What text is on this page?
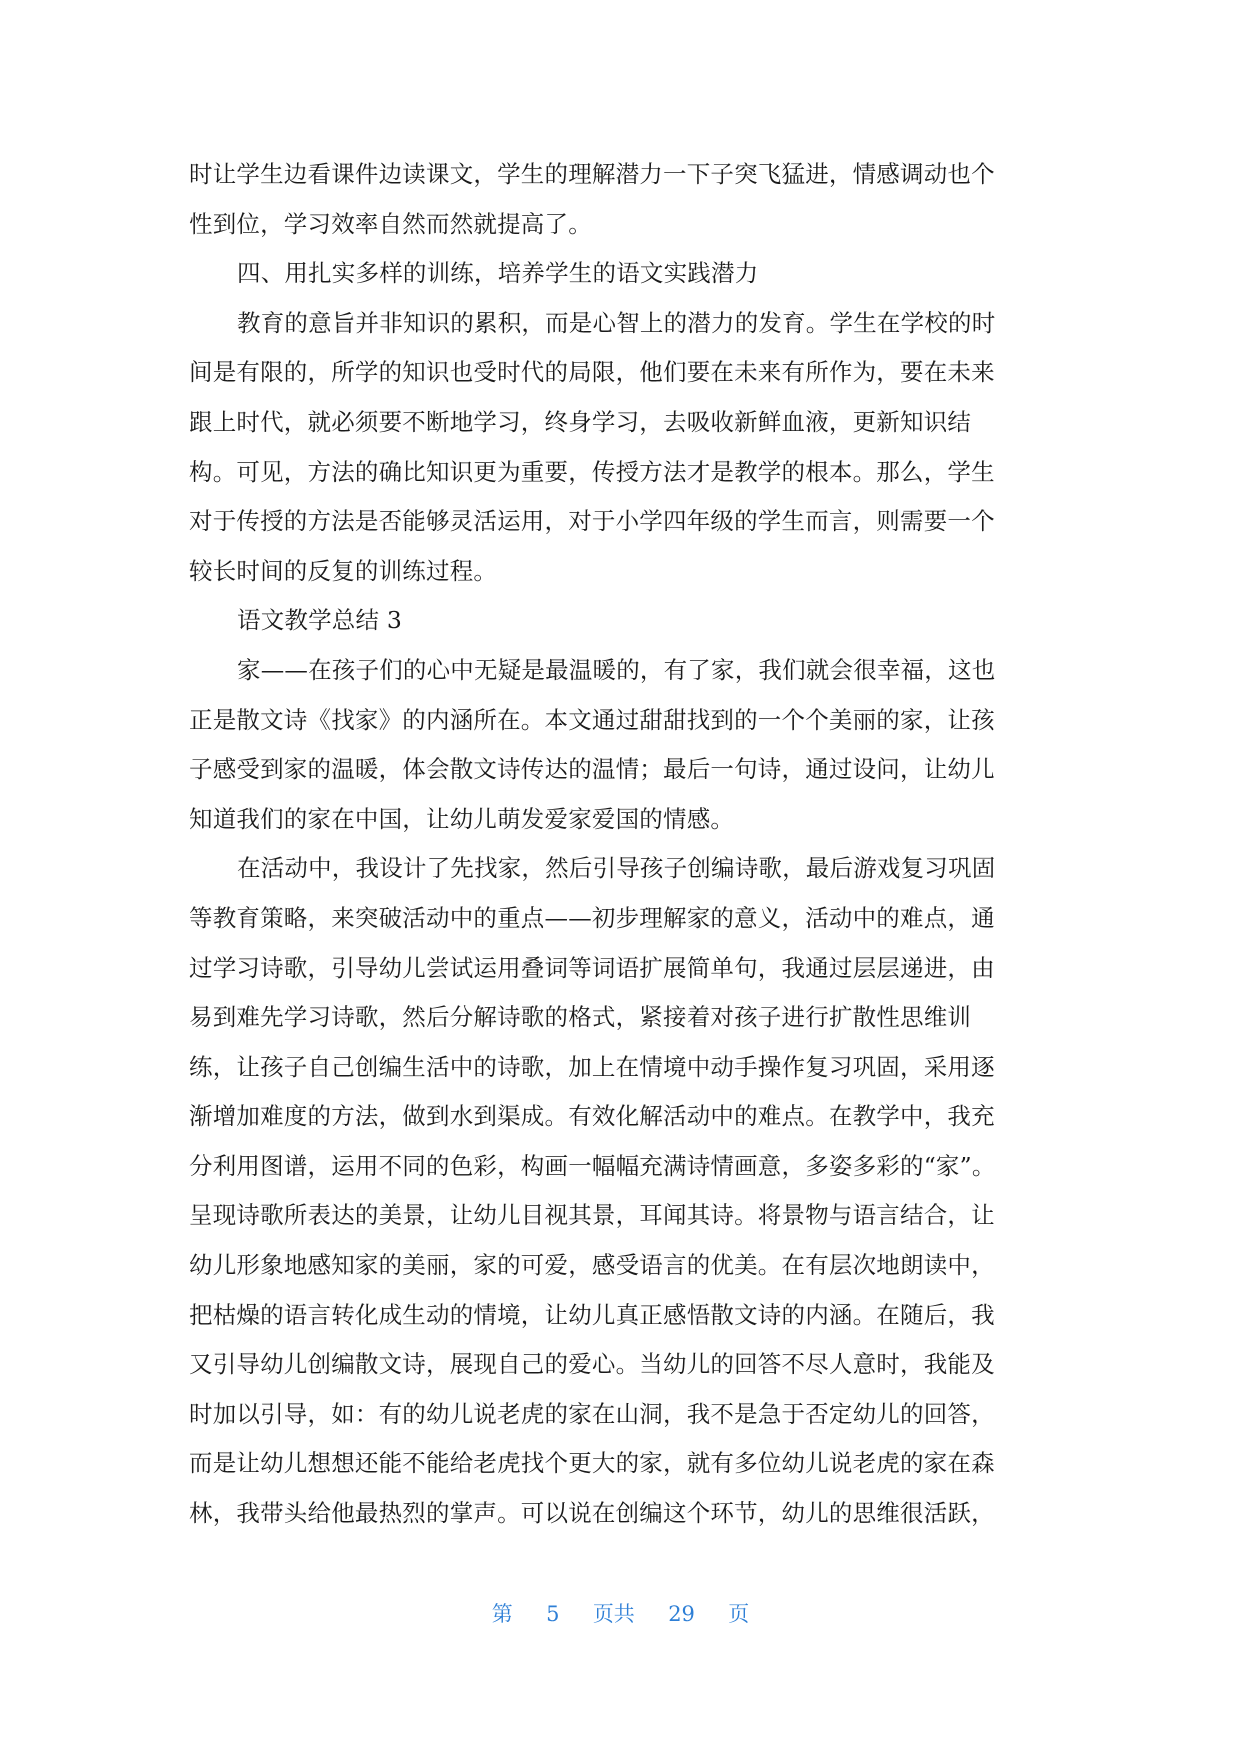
时让学生边看课件边读课文，学生的理解潜力一下子突飞猛进，情感调动也个
性到位，学习效率自然而然就提高了。
四、用扎实多样的训练，培养学生的语文实践潜力
教育的意旨并非知识的累积，而是心智上的潜力的发育。学生在学校的时
间是有限的，所学的知识也受时代的局限，他们要在未来有所作为，要在未来
跟上时代，就必须要不断地学习，终身学习，去吸收新鲜血液，更新知识结
构。可见，方法的确比知识更为重要，传授方法才是教学的根本。那么，学生
对于传授的方法是否能够灵活运用，对于小学四年级的学生而言，则需要一个
较长时间的反复的训练过程。
语文教学总结 3
家——在孩子们的心中无疑是最温暖的，有了家，我们就会很幸福，这也
正是散文诗《找家》的内涵所在。本文通过甜甜找到的一个个美丽的家，让孩
子感受到家的温暖，体会散文诗传达的温情；最后一句诗，通过设问，让幼儿
知道我们的家在中国，让幼儿萌发爱家爱国的情感。
在活动中，我设计了先找家，然后引导孩子创编诗歌，最后游戏复习巩固
等教育策略，来突破活动中的重点——初步理解家的意义，活动中的难点，通
过学习诗歌，引导幼儿尝试运用叠词等词语扩展简单句，我通过层层递进，由
易到难先学习诗歌，然后分解诗歌的格式，紧接着对孩子进行扩散性思维训
练，让孩子自己创编生活中的诗歌，加上在情境中动手操作复习巩固，采用逐
渐增加难度的方法，做到水到渠成。有效化解活动中的难点。在教学中，我充
分利用图谱，运用不同的色彩，构画一幅幅充满诗情画意，多姿多彩的“家”。
呈现诗歌所表达的美景，让幼儿目视其景，耳闻其诗。将景物与语言结合，让
幼儿形象地感知家的美丽，家的可爱，感受语言的优美。在有层次地朗读中，
把枯燥的语言转化成生动的情境，让幼儿真正感悟散文诗的内涵。在随后，我
又引导幼儿创编散文诗，展现自己的爱心。当幼儿的回答不尽人意时，我能及
时加以引导，如：有的幼儿说老虎的家在山洞，我不是急于否定幼儿的回答，
而是让幼儿想想还能不能给老虎找个更大的家，就有多位幼儿说老虎的家在森
林，我带头给他最热烈的掌声。可以说在创编这个环节，幼儿的思维很活跃，
第 5 页共 29 页
